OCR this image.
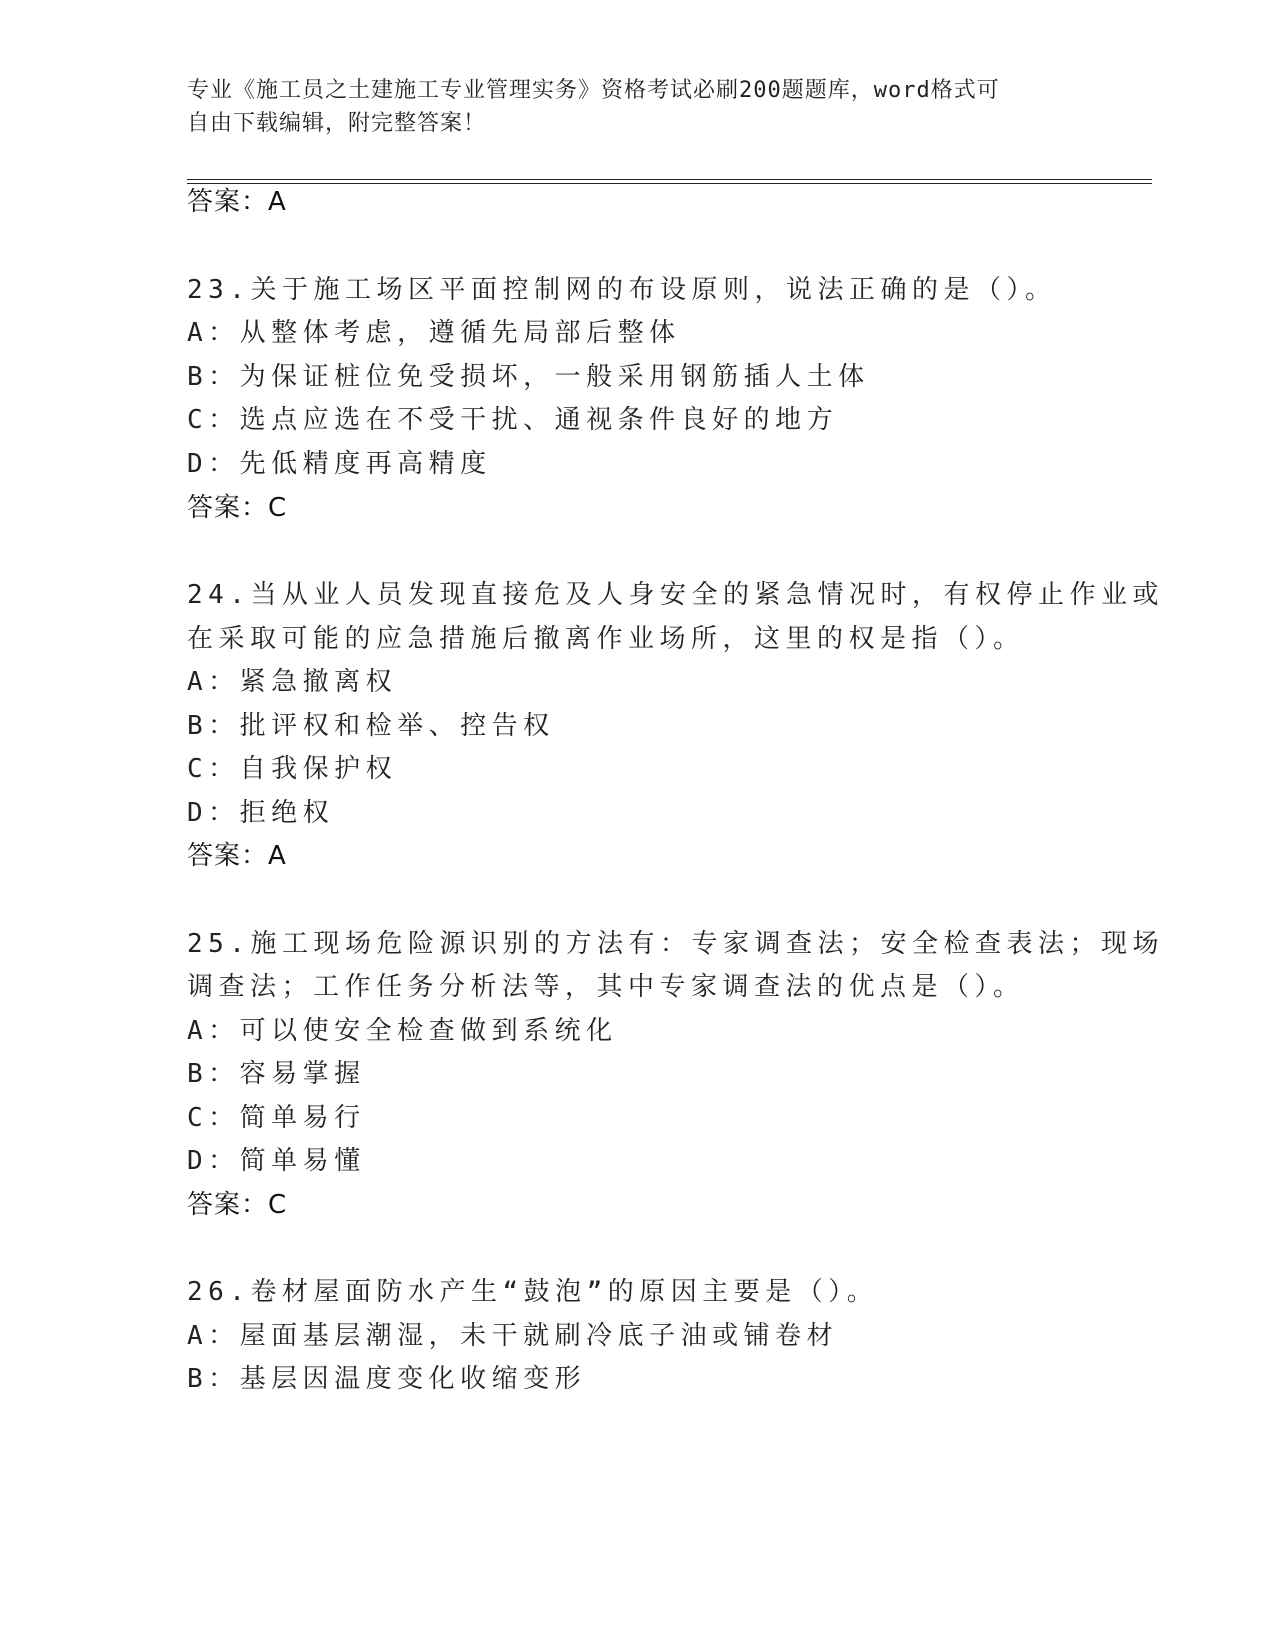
专业《施工员之土建施工专业管理实务》资格考试必刷200题题库，word格式可
自由下载编辑，附完整答案！
答案：A
23.关于施工场区平面控制网的布设原则，说法正确的是（）。
A：从整体考虑，遵循先局部后整体
B：为保证桩位免受损坏，一般采用钢筋插人土体
C：选点应选在不受干扰、通视条件良好的地方
D：先低精度再高精度
答案：C
24.当从业人员发现直接危及人身安全的紧急情况时，有权停止作业或
在采取可能的应急措施后撤离作业场所，这里的权是指（）。
A：紧急撤离权
B：批评权和检举、控告权
C：自我保护权
D：拒绝权
答案：A
25.施工现场危险源识别的方法有：专家调查法；安全检查表法；现场
调查法；工作任务分析法等，其中专家调查法的优点是（）。
A：可以使安全检查做到系统化
B：容易掌握
C：简单易行
D：简单易懂
答案：C
26.卷材屋面防水产生“鼓泡”的原因主要是（）。
A：屋面基层潮湿，未干就刷冷底子油或铺卷材
B：基层因温度变化收缩变形
